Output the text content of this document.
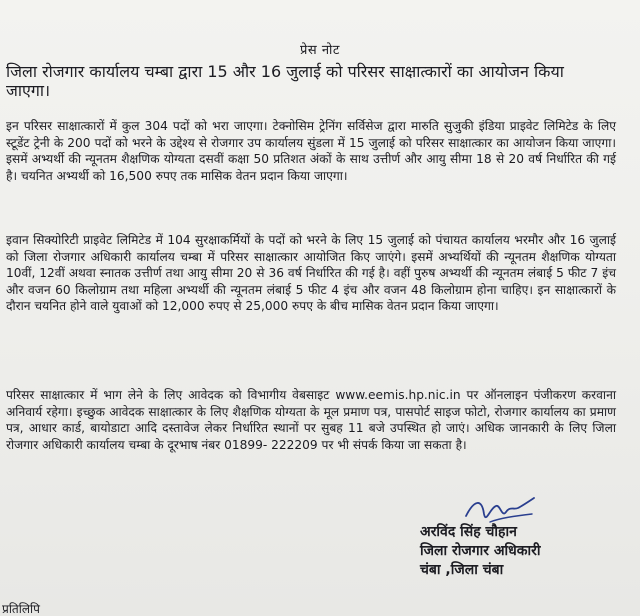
प्रेस नोट
जिला रोजगार कार्यालय चम्बा द्वारा 15 और 16 जुलाई को परिसर साक्षात्कारों का आयोजन किया जाएगा।
इन परिसर साक्षात्कारों में कुल 304 पदों को भरा जाएगा। टेक्नोसिम ट्रेनिंग सर्विसेज द्वारा मारुति सुजुकी इंडिया प्राइवेट लिमिटेड के लिए स्टूडेंट ट्रेनी के 200 पदों को भरने के उद्देश्य से रोजगार उप कार्यालय सुंडला में 15 जुलाई को परिसर साक्षात्कार का आयोजन किया जाएगा। इसमें अभ्यर्थी की न्यूनतम शैक्षणिक योग्यता दसवीं कक्षा 50 प्रतिशत अंकों के साथ उत्तीर्ण और आयु सीमा 18 से 20 वर्ष निर्धारित की गई है। चयनित अभ्यर्थी को 16,500 रुपए तक मासिक वेतन प्रदान किया जाएगा।
इवान सिक्योरिटी प्राइवेट लिमिटेड में 104 सुरक्षाकर्मियों के पदों को भरने के लिए 15 जुलाई को पंचायत कार्यालय भरमौर और 16 जुलाई को जिला रोजगार अधिकारी कार्यालय चम्बा में परिसर साक्षात्कार आयोजित किए जाएंगे। इसमें अभ्यर्थियों की न्यूनतम शैक्षणिक योग्यता 10वीं, 12वीं अथवा स्नातक उत्तीर्ण तथा आयु सीमा 20 से 36 वर्ष निर्धारित की गई है। वहीं पुरुष अभ्यर्थी की न्यूनतम लंबाई 5 फीट 7 इंच और वजन 60 किलोग्राम तथा महिला अभ्यर्थी की न्यूनतम लंबाई 5 फीट 4 इंच और वजन 48 किलोग्राम होना चाहिए। इन साक्षात्कारों के दौरान चयनित होने वाले युवाओं को 12,000 रुपए से 25,000 रुपए के बीच मासिक वेतन प्रदान किया जाएगा।
परिसर साक्षात्कार में भाग लेने के लिए आवेदक को विभागीय वेबसाइट www.eemis.hp.nic.in पर ऑनलाइन पंजीकरण करवाना अनिवार्य रहेगा। इच्छुक आवेदक साक्षात्कार के लिए शैक्षणिक योग्यता के मूल प्रमाण पत्र, पासपोर्ट साइज फोटो, रोजगार कार्यालय का प्रमाण पत्र, आधार कार्ड, बायोडाटा आदि दस्तावेज लेकर निर्धारित स्थानों पर सुबह 11 बजे उपस्थित हो जाएं। अधिक जानकारी के लिए जिला रोजगार अधिकारी कार्यालय चम्बा के दूरभाष नंबर 01899- 222209 पर भी संपर्क किया जा सकता है।
अरविंद सिंह चौहान
जिला रोजगार अधिकारी
चंबा ,जिला चंबा
प्रतिलिपि
